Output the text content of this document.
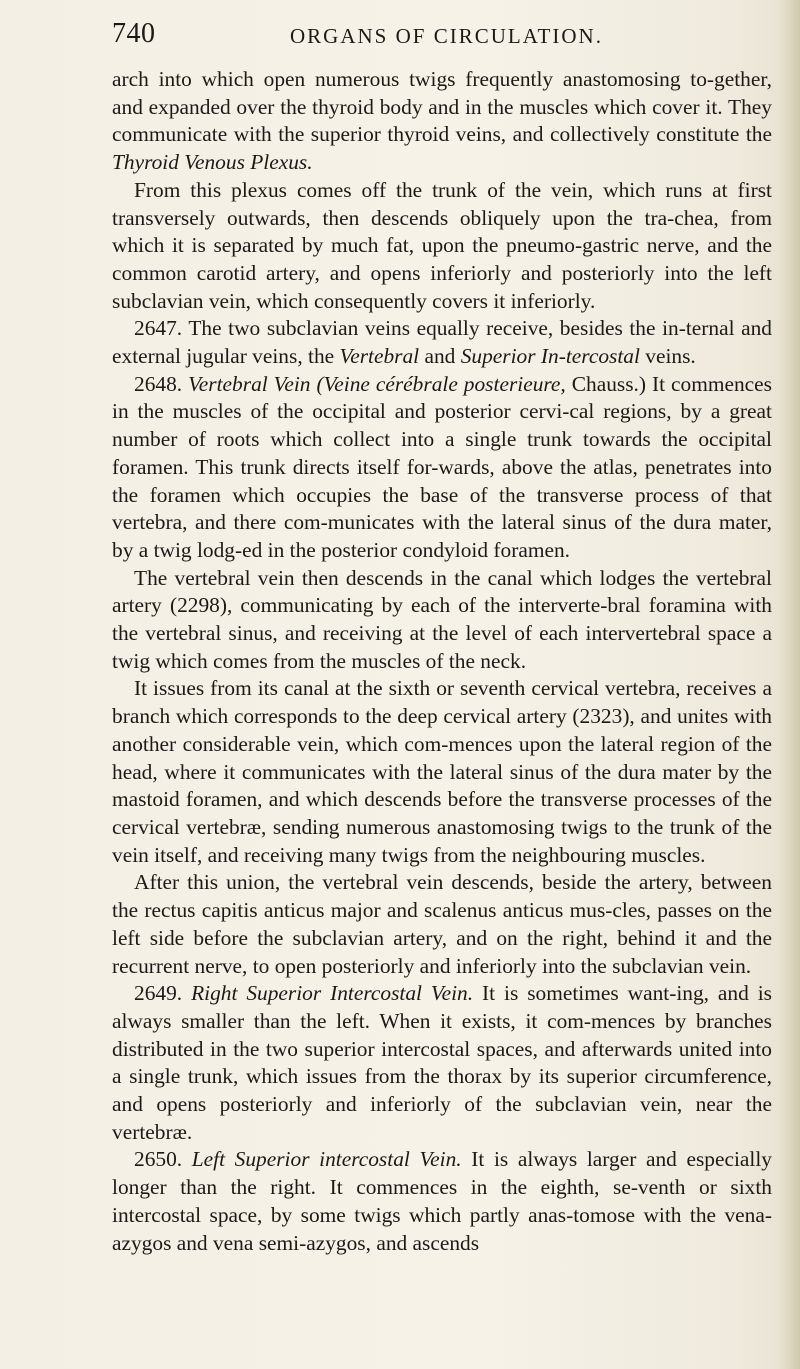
740	ORGANS OF CIRCULATION.

arch into which open numerous twigs frequently anastomosing to-gether, and expanded over the thyroid body and in the muscles which cover it. They communicate with the superior thyroid veins, and collectively constitute the Thyroid Venous Plexus.

From this plexus comes off the trunk of the vein, which runs at first transversely outwards, then descends obliquely upon the tra-chea, from which it is separated by much fat, upon the pneumo-gastric nerve, and the common carotid artery, and opens inferiorly and posteriorly into the left subclavian vein, which consequently covers it inferiorly.

2647. The two subclavian veins equally receive, besides the in-ternal and external jugular veins, the Vertebral and Superior In-tercostal veins.

2648. Vertebral Vein (Veine cérébrale posterieure, Chauss.) It commences in the muscles of the occipital and posterior cervi-cal regions, by a great number of roots which collect into a single trunk towards the occipital foramen. This trunk directs itself for-wards, above the atlas, penetrates into the foramen which occupies the base of the transverse process of that vertebra, and there com-municates with the lateral sinus of the dura mater, by a twig lodg-ed in the posterior condyloid foramen.

The vertebral vein then descends in the canal which lodges the vertebral artery (2298), communicating by each of the interverte-bral foramina with the vertebral sinus, and receiving at the level of each intervertebral space a twig which comes from the muscles of the neck.

It issues from its canal at the sixth or seventh cervical vertebra, receives a branch which corresponds to the deep cervical artery (2323), and unites with another considerable vein, which com-mences upon the lateral region of the head, where it communicates with the lateral sinus of the dura mater by the mastoid foramen, and which descends before the transverse processes of the cervical vertebræ, sending numerous anastomosing twigs to the trunk of the vein itself, and receiving many twigs from the neighbouring muscles.

After this union, the vertebral vein descends, beside the artery, between the rectus capitis anticus major and scalenus anticus mus-cles, passes on the left side before the subclavian artery, and on the right, behind it and the recurrent nerve, to open posteriorly and inferiorly into the subclavian vein.

2649. Right Superior Intercostal Vein. It is sometimes want-ing, and is always smaller than the left. When it exists, it com-mences by branches distributed in the two superior intercostal spaces, and afterwards united into a single trunk, which issues from the thorax by its superior circumference, and opens posteriorly and inferiorly of the subclavian vein, near the vertebræ.

2650. Left Superior intercostal Vein. It is always larger and especially longer than the right. It commences in the eighth, se-venth or sixth intercostal space, by some twigs which partly anas-tomose with the vena-azygos and vena semi-azygos, and ascends
